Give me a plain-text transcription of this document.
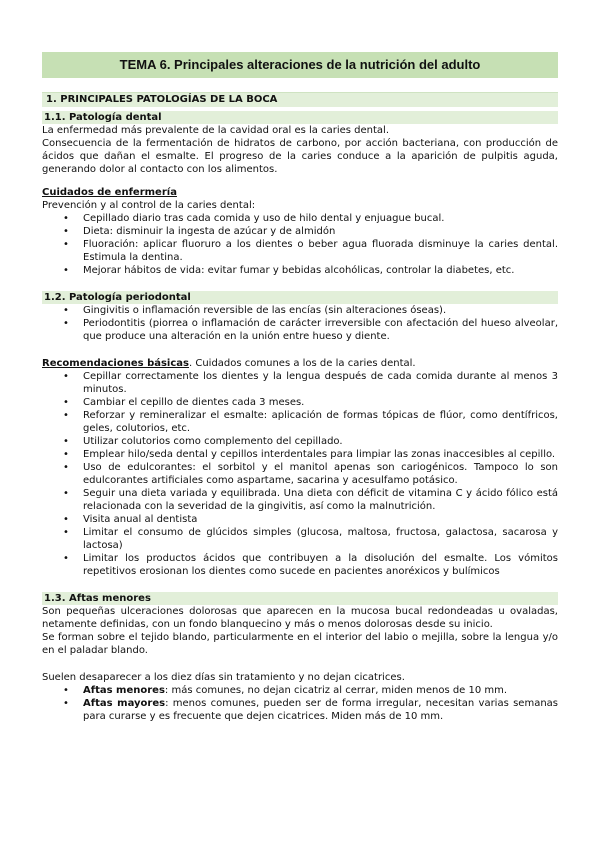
TEMA 6. Principales alteraciones de la nutrición del adulto
1. PRINCIPALES PATOLOGÍAS DE LA BOCA
1.1. Patología dental

La enfermedad más prevalente de la cavidad oral es la caries dental.

Consecuencia de la fermentación de hidratos de carbono, por acción bacteriana, con producción de ácidos que dañan el esmalte. El progreso de la caries conduce a la aparición de pulpitis aguda, generando dolor al contacto con los alimentos.

Cuidados de enfermería

Prevención y al control de la caries dental:

• Cepillado diario tras cada comida y uso de hilo dental y enjuague bucal.
• Dieta: disminuir la ingesta de azúcar y de almidón
• Fluoración: aplicar fluoruro a los dientes o beber agua fluorada disminuye la caries dental. Estimula la dentina.
• Mejorar hábitos de vida: evitar fumar y bebidas alcohólicas, controlar la diabetes, etc.
1.2. Patología periodontal
• Gingivitis o inflamación reversible de las encías (sin alteraciones óseas).
• Periodontitis (piorrea o inflamación de carácter irreversible con afectación del hueso alveolar, que produce una alteración en la unión entre hueso y diente.

Recomendaciones básicas. Cuidados comunes a los de la caries dental.

• Cepillar correctamente los dientes y la lengua después de cada comida durante al menos 3 minutos.
• Cambiar el cepillo de dientes cada 3 meses.
• Reforzar y remineralizar el esmalte: aplicación de formas tópicas de flúor, como dentífricos, geles, colutorios, etc.
• Utilizar colutorios como complemento del cepillado.
• Emplear hilo/seda dental y cepillos interdentales para limpiar las zonas inaccesibles al cepillo.
• Uso de edulcorantes: el sorbitol y el manitol apenas son cariogénicos. Tampoco lo son edulcorantes artificiales como aspartame, sacarina y acesulfamo potásico.
• Seguir una dieta variada y equilibrada. Una dieta con déficit de vitamina C y ácido fólico está relacionada con la severidad de la gingivitis, así como la malnutrición.
• Visita anual al dentista
• Limitar el consumo de glúcidos simples (glucosa, maltosa, fructosa, galactosa, sacarosa y lactosa)
• Limitar los productos ácidos que contribuyen a la disolución del esmalte. Los vómitos repetitivos erosionan los dientes como sucede en pacientes anoréxicos y bulímicos
1.3. Aftas menores

Son pequeñas ulceraciones dolorosas que aparecen en la mucosa bucal redondeadas u ovaladas, netamente definidas, con un fondo blanquecino y más o menos dolorosas desde su inicio.

Se forman sobre el tejido blando, particularmente en el interior del labio o mejilla, sobre la lengua y/o en el paladar blando.

Suelen desaparecer a los diez días sin tratamiento y no dejan cicatrices.

• Aftas menores: más comunes, no dejan cicatriz al cerrar, miden menos de 10 mm.
• Aftas mayores: menos comunes, pueden ser de forma irregular, necesitan varias semanas para curarse y es frecuente que dejen cicatrices. Miden más de 10 mm.
